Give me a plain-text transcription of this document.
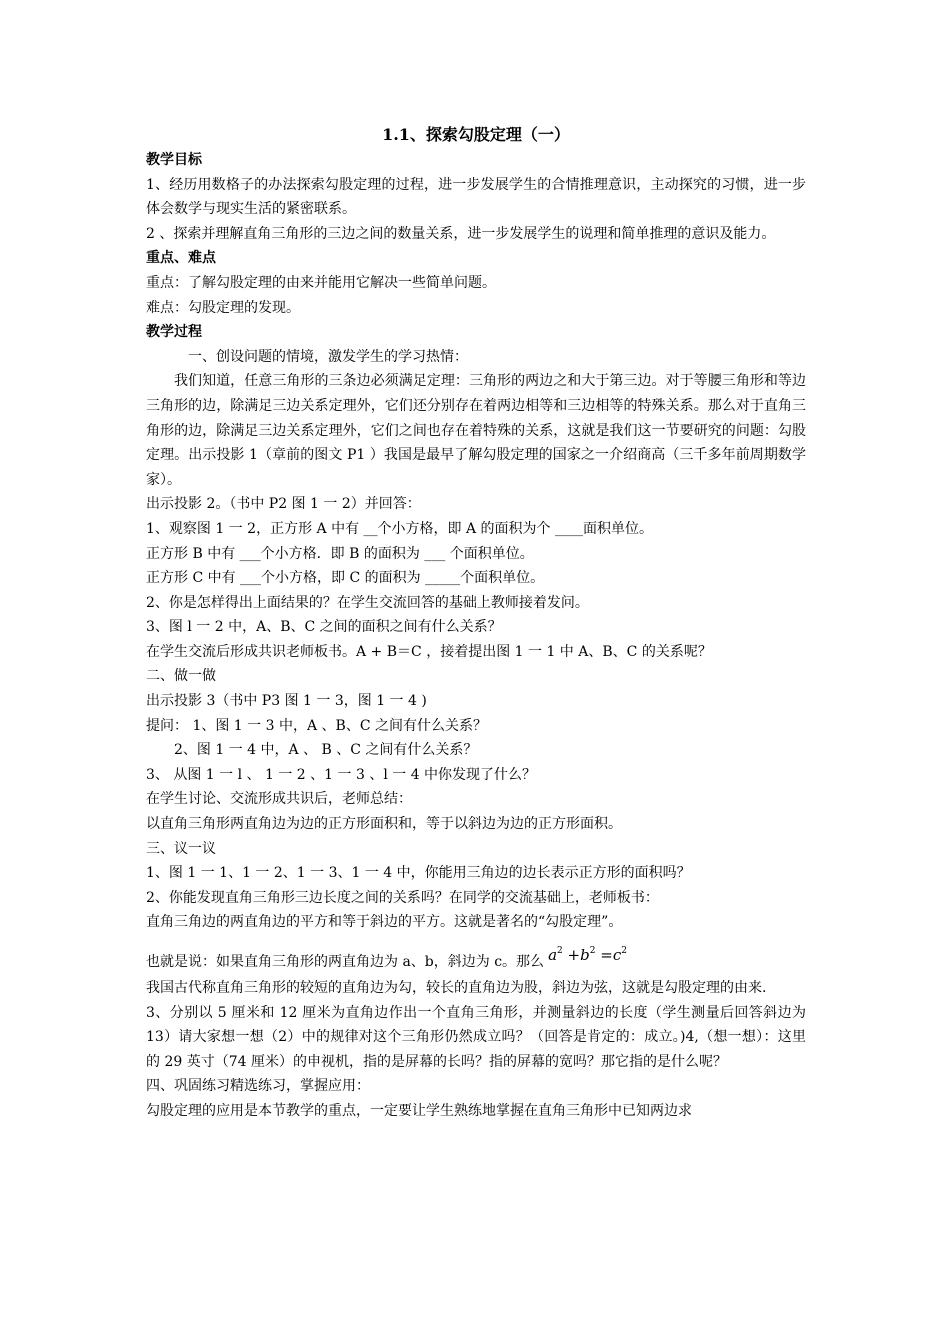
1.1、探索勾股定理（一）

教学目标

1、经历用数格子的办法探索勾股定理的过程，进一步发展学生的合情推理意识，主动探究的习惯，进一步体会数学与现实生活的紧密联系。

2 、探索并理解直角三角形的三边之间的数量关系，进一步发展学生的说理和简单推理的意识及能力。

重点、难点

重点：了解勾股定理的由来并能用它解决一些简单问题。

难点：勾股定理的发现。

教学过程

一、创设问题的情境，激发学生的学习热情：

我们知道，任意三角形的三条边必须满足定理：三角形的两边之和大于第三边。对于等腰三角形和等边三角形的边，除满足三边关系定理外，它们还分别存在着两边相等和三边相等的特殊关系。那么对于直角三角形的边，除满足三边关系定理外，它们之间也存在着特殊的关系，这就是我们这一节要研究的问题：勾股定理。出示投影 1（章前的图文 P1 ）我国是最早了解勾股定理的国家之一介绍商高（三千多年前周期数学家）。

出示投影 2。（书中 P2 图 1 一 2）并回答：

1、观察图 1 一 2，正方形 A 中有 __个小方格，即 A 的面积为个 ____面积单位。

正方形 B 中有 ___个小方格．即 B 的面积为 ___ 个面积单位。

正方形 C 中有 ___个小方格，即 C 的面积为 _____个面积单位。

2、你是怎样得出上面结果的？在学生交流回答的基础上教师接着发问。

3、图 l 一 2 中，A、B、C 之间的面积之间有什么关系？

在学生交流后形成共识老师板书。A + B＝C ，接着提出图 1 一 1 中 A、B、C 的关系呢？

二、做一做

出示投影 3（书中 P3 图 1 一 3，图 1 一 4 )

提问： 1、图 1 一 3 中，A 、B、C 之间有什么关系？

2、图 1 一 4 中，A 、 B 、C 之间有什么关系？

3、 从图 1 一 l 、 1 一 2 、1 一 3 、l 一 4 中你发现了什么？

在学生讨论、交流形成共识后，老师总结：

以直角三角形两直角边为边的正方形面积和，等于以斜边为边的正方形面积。

三、议一议

1、图 1 一 1、1 一 2、1 一 3、1 一 4 中，你能用三角边的边长表示正方形的面积吗？

2、你能发现直角三角形三边长度之间的关系吗？在同学的交流基础上，老师板书：

直角三角边的两直角边的平方和等于斜边的平方。这就是著名的“勾股定理”。

也就是说：如果直角三角形的两直角边为 a、b，斜边为 c。那么 $a^2 +b^2 =c^2$

我国古代称直角三角形的较短的直角边为勾，较长的直角边为股，斜边为弦，这就是勾股定理的由来.

3、分别以 5 厘米和 12 厘米为直角边作出一个直角三角形，并测量斜边的长度（学生测量后回答斜边为 13）请大家想一想（2）中的规律对这个三角形仍然成立吗？（回答是肯定的：成立。)4,（想一想）：这里的 29 英寸（74 厘米）的申视机，指的是屏幕的长吗？指的屏幕的宽吗？那它指的是什么呢？

四、巩固练习精选练习，掌握应用：

勾股定理的应用是本节教学的重点，一定要让学生熟练地掌握在直角三角形中已知两边求
